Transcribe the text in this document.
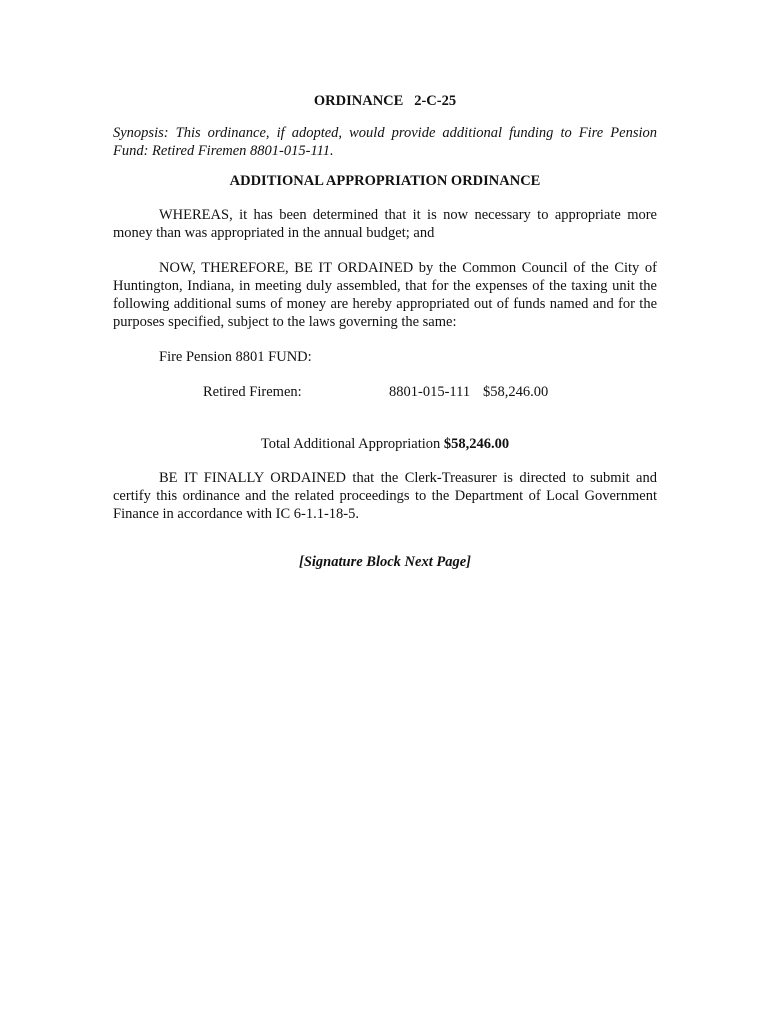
ORDINANCE   2-C-25

Synopsis: This ordinance, if adopted, would provide additional funding to Fire Pension Fund: Retired Firemen 8801-015-111.

ADDITIONAL APPROPRIATION ORDINANCE

WHEREAS, it has been determined that it is now necessary to appropriate more money than was appropriated in the annual budget; and

NOW, THEREFORE, BE IT ORDAINED by the Common Council of the City of Huntington, Indiana, in meeting duly assembled, that for the expenses of the taxing unit the following additional sums of money are hereby appropriated out of funds named and for the purposes specified, subject to the laws governing the same:

Fire Pension 8801 FUND:

Retired Firemen:	8801-015-111 $58,246.00

Total Additional Appropriation $58,246.00

BE IT FINALLY ORDAINED that the Clerk-Treasurer is directed to submit and certify this ordinance and the related proceedings to the Department of Local Government Finance in accordance with IC 6-1.1-18-5.

[Signature Block Next Page]
